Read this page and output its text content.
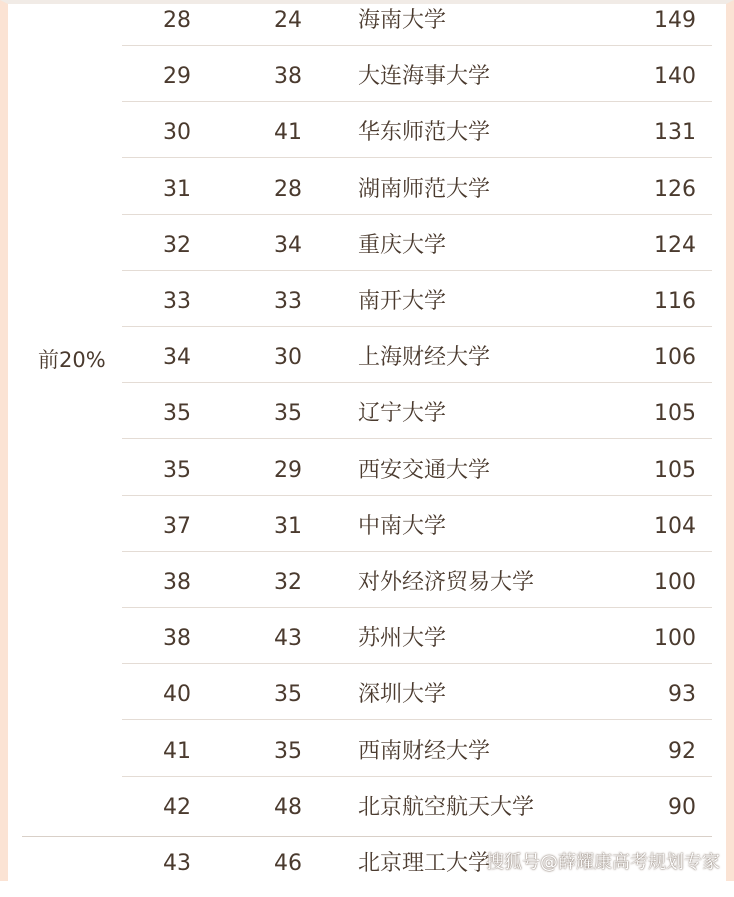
前20%
28	24	海南大学	149
29	38	大连海事大学	140
30	41	华东师范大学	131
31	28	湖南师范大学	126
32	34	重庆大学	124
33	33	南开大学	116
34	30	上海财经大学	106
35	35	辽宁大学	105
35	29	西安交通大学	105
37	31	中南大学	104
38	32	对外经济贸易大学	100
38	43	苏州大学	100
40	35	深圳大学	93
41	35	西南财经大学	92
42	48	北京航空航天大学	90
43	46	北京理工大学
搜狐号@薛耀康高考规划专家
